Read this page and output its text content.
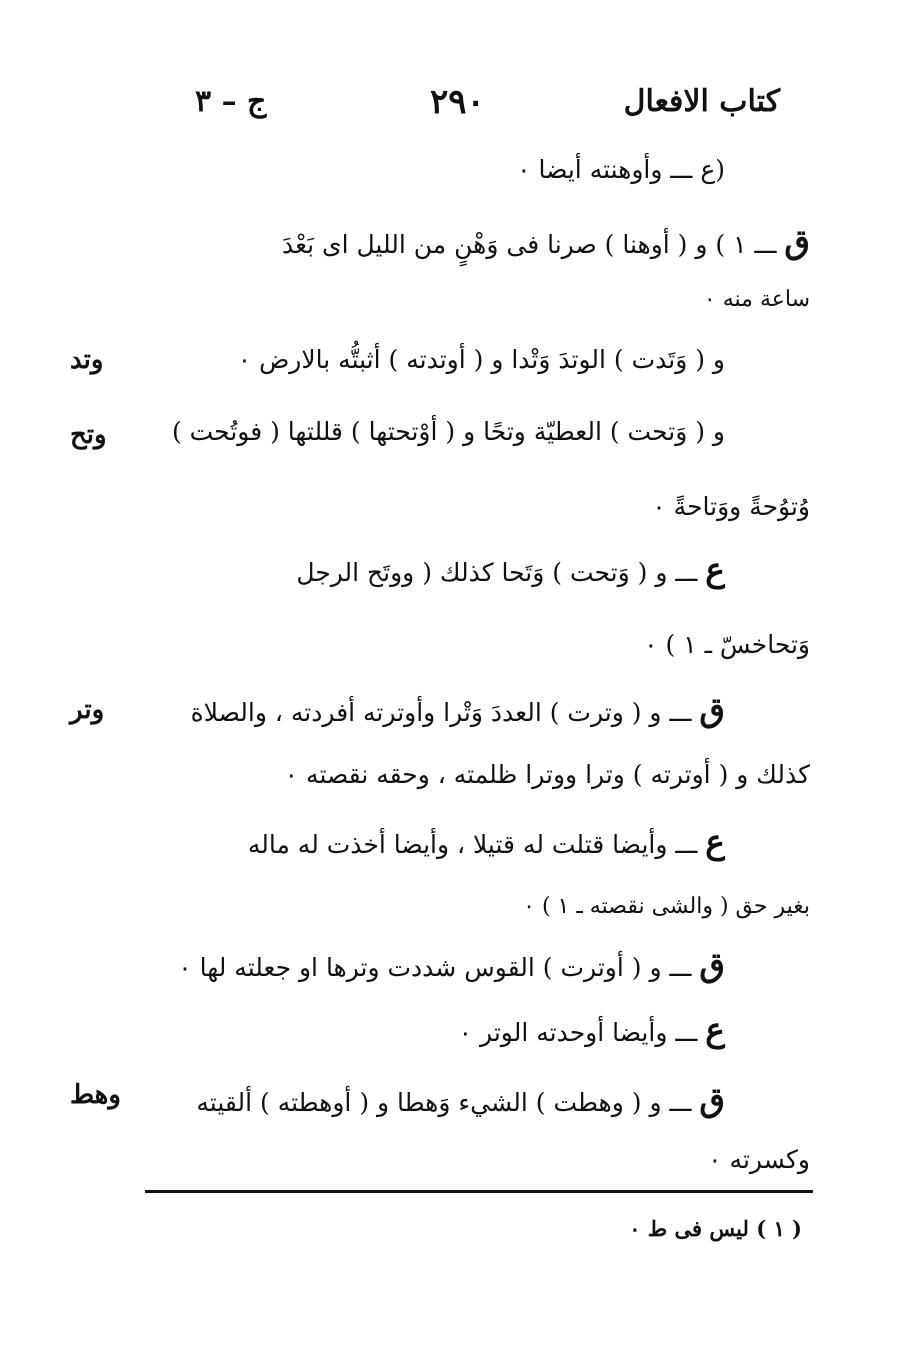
كتاب الافعال
٢٩٠
ج – ٣
(ع ـــ وأوهنته أيضا ٠
ق ـــ ١ ) و ( أوهنا ) صرنا فى وَهْنٍ من الليل اى بَعْدَ
ساعة منه ٠
و ( وَتَدت ) الوتدَ وَتْدا و ( أوتدته ) أثبتُّه بالارض ٠
وتد
و ( وَتحت ) العطيّة وتحًا و ( أوْتحتها ) قللتها ( فوتُحت )
وتح
وُتوُحةً ووَتاحةً ٠
ع ـــ و ( وَتحت ) وَتَحا كذلك ( ووتَح الرجل
وَتحاخسّ ـ ١ ) ٠
ق ـــ و ( وترت ) العددَ وَتْرا وأوترته أفردته ، والصلاة
وتر
كذلك و ( أوترته ) وترا ووترا ظلمته ، وحقه نقصته ٠
ع ـــ وأيضا قتلت له قتيلا ، وأيضا أخذت له ماله
بغير حق ( والشى نقصته ـ ١ ) ٠
ق ـــ و ( أوترت ) القوس شددت وترها او جعلته لها ٠
ع ـــ وأيضا أوحدته الوتر ٠
ق ـــ و ( وهطت ) الشيء وَهطا و ( أوهطته ) ألقيته
وهط
وكسرته ٠
( ١ ) ليس فى ط ٠
